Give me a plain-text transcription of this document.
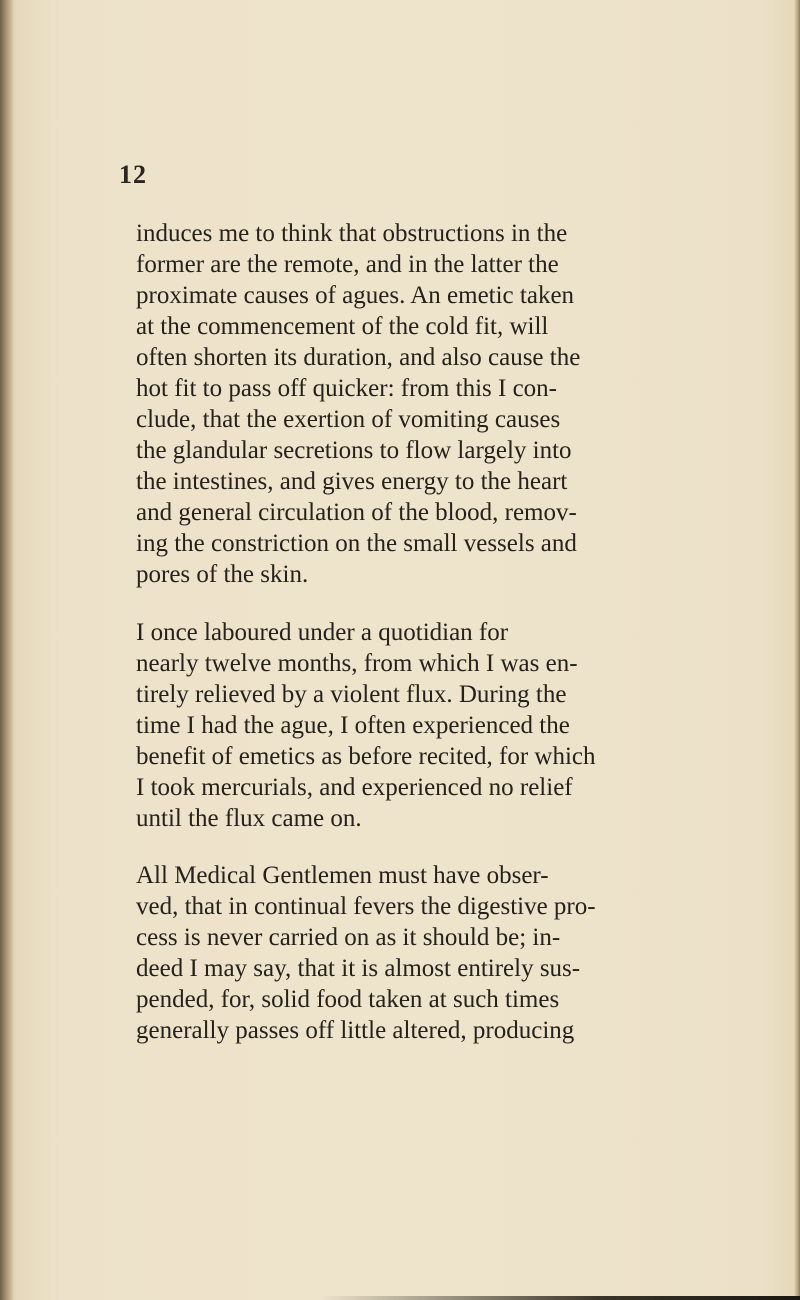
12
induces me to think that obstructions in the
former are the remote, and in the latter the
proximate causes of agues. An emetic taken
at the commencement of the cold fit, will
often shorten its duration, and also cause the
hot fit to pass off quicker: from this I con-
clude, that the exertion of vomiting causes
the glandular secretions to flow largely into
the intestines, and gives energy to the heart
and general circulation of the blood, remov-
ing the constriction on the small vessels and
pores of the skin.
I once laboured under a quotidian for
nearly twelve months, from which I was en-
tirely relieved by a violent flux. During the
time I had the ague, I often experienced the
benefit of emetics as before recited, for which
I took mercurials, and experienced no relief
until the flux came on.
All Medical Gentlemen must have obser-
ved, that in continual fevers the digestive pro-
cess is never carried on as it should be; in-
deed I may say, that it is almost entirely sus-
pended, for, solid food taken at such times
generally passes off little altered, producing
